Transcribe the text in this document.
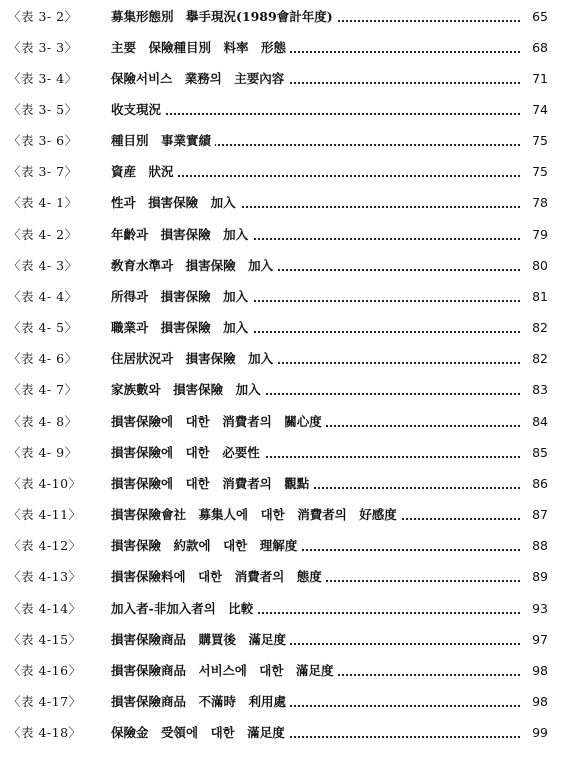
〈表 3- 2〉	募集形態別　擧手現況(1989會計年度)	65
〈表 3- 3〉	主要　保險種目別　料率　形態	68
〈表 3- 4〉	保險서비스　業務의　主要內容	71
〈表 3- 5〉	收支現況	74
〈表 3- 6〉	種目別　事業實績	75
〈表 3- 7〉	資産　狀況	75
〈表 4- 1〉	性과　損害保險　加入	78
〈表 4- 2〉	年齡과　損害保險　加入	79
〈表 4- 3〉	敎育水準과　損害保險　加入	80
〈表 4- 4〉	所得과　損害保險　加入	81
〈表 4- 5〉	職業과　損害保險　加入	82
〈表 4- 6〉	住居狀況과　損害保險　加入	82
〈表 4- 7〉	家族數와　損害保險　加入	83
〈表 4- 8〉	損害保險에　대한　消費者의　關心度	84
〈表 4- 9〉	損害保險에　대한　必要性	85
〈表 4-10〉 損害保險에　대한　消費者의　觀點	86
〈表 4-11〉 損害保險會社　募集人에　대한　消費者의　好感度	87
〈表 4-12〉 損害保險　約款에　대한　理解度	88
〈表 4-13〉 損害保險料에　대한　消費者의　態度	89
〈表 4-14〉 加入者-非加入者의　比較	93
〈表 4-15〉 損害保險商品　購買後　滿足度	97
〈表 4-16〉 損害保險商品　서비스에　대한　滿足度	98
〈表 4-17〉 損害保險商品　不滿時　利用處	98
〈表 4-18〉 保險金　受領에　대한　滿足度	99
